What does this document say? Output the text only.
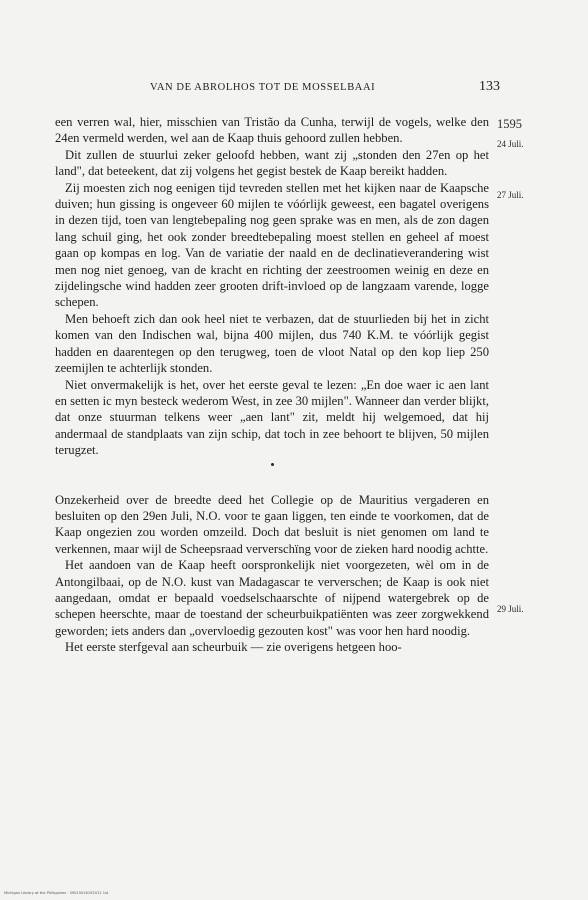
VAN DE ABROLHOS TOT DE MOSSELBAAI	133
1595
24 Juli.
27 Juli.
29 Juli.

een verren wal, hier, misschien van Tristão da Cunha, terwijl de vogels, welke den 24en vermeld werden, wel aan de Kaap thuis gehoord zullen hebben.

Dit zullen de stuurlui zeker geloofd hebben, want zij „stonden den 27en op het land", dat beteekent, dat zij volgens het gegist bestek de Kaap bereikt hadden.

Zij moesten zich nog eenigen tijd tevreden stellen met het kijken naar de Kaapsche duiven; hun gissing is ongeveer 60 mijlen te vóórlijk geweest, een bagatel overigens in dezen tijd, toen van lengtebepaling nog geen sprake was en men, als de zon dagen lang schuil ging, het ook zonder breedtebepaling moest stellen en geheel af moest gaan op kompas en log. Van de variatie der naald en de declinatieverandering wist men nog niet genoeg, van de kracht en richting der zeestroomen weinig en deze en zijdelingsche wind hadden zeer grooten drift-invloed op de langzaam varende, logge schepen.

Men behoeft zich dan ook heel niet te verbazen, dat de stuurlieden bij het in zicht komen van den Indischen wal, bijna 400 mijlen, dus 740 K.M. te vóórlijk gegist hadden en daarentegen op den terugweg, toen de vloot Natal op den kop liep 250 zeemijlen te achterlijk stonden.

Niet onvermakelijk is het, over het eerste geval te lezen: „En doe waer ic aen lant en setten ic myn besteck wederom West, in zee 30 mijlen". Wanneer dan verder blijkt, dat onze stuurman telkens weer „aen lant" zit, meldt hij welgemoed, dat hij andermaal de standplaats van zijn schip, dat toch in zee behoort te blijven, 50 mijlen terugzet.

Onzekerheid over de breedte deed het Collegie op de Mauritius vergaderen en besluiten op den 29en Juli, N.O. voor te gaan liggen, ten einde te voorkomen, dat de Kaap ongezien zou worden omzeild. Doch dat besluit is niet genomen om land te verkennen, maar wijl de Scheepsraad ververschïng voor de zieken hard noodig achtte.

Het aandoen van de Kaap heeft oorspronkelijk niet voorgezeten, wèl om in de Antongilbaai, op de N.O. kust van Madagascar te ververschen; de Kaap is ook niet aangedaan, omdat er bepaald voedselschaarschte of nijpend watergebrek op de schepen heerschte, maar de toestand der scheurbuikpatiënten was zeer zorgwekkend geworden; iets anders dan „overvloedig gezouten kost" was voor hen hard noodig.

Het eerste sterfgeval aan scheurbuik — zie overigens hetgeen hoo-

Michigan Library at the Philippines · 39015016192011 1st
